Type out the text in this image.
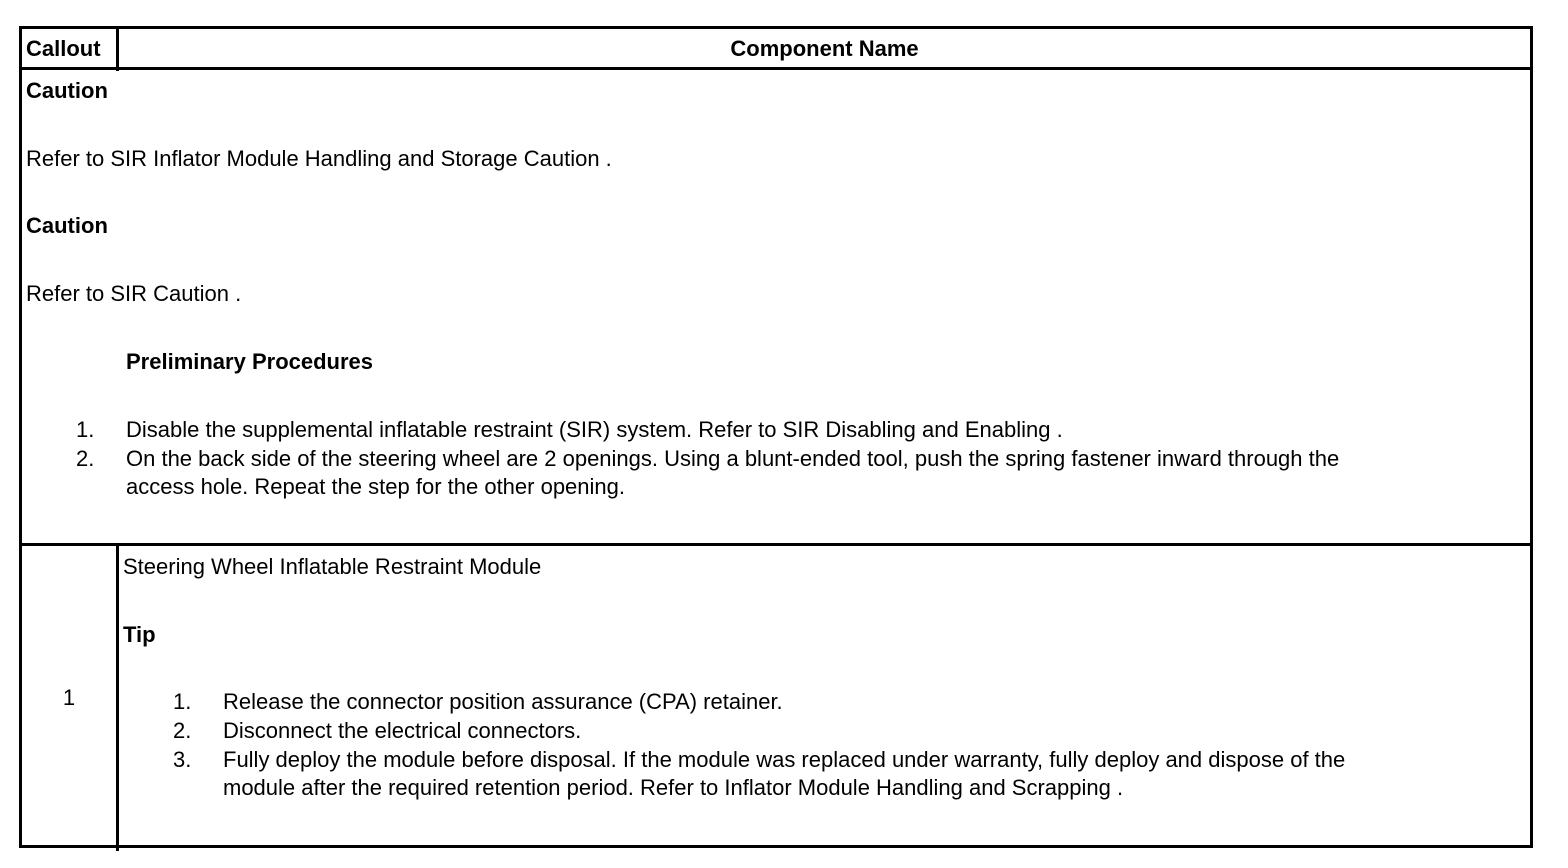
Callout	Component Name
Caution
Refer to SIR Inflator Module Handling and Storage Caution .
Caution
Refer to SIR Caution .
Preliminary Procedures
1. Disable the supplemental inflatable restraint (SIR) system. Refer to SIR Disabling and Enabling .
2. On the back side of the steering wheel are 2 openings. Using a blunt-ended tool, push the spring fastener inward through the
access hole. Repeat the step for the other opening.
1
Steering Wheel Inflatable Restraint Module
Tip
1. Release the connector position assurance (CPA) retainer.
2. Disconnect the electrical connectors.
3. Fully deploy the module before disposal. If the module was replaced under warranty, fully deploy and dispose of the
module after the required retention period. Refer to Inflator Module Handling and Scrapping .
